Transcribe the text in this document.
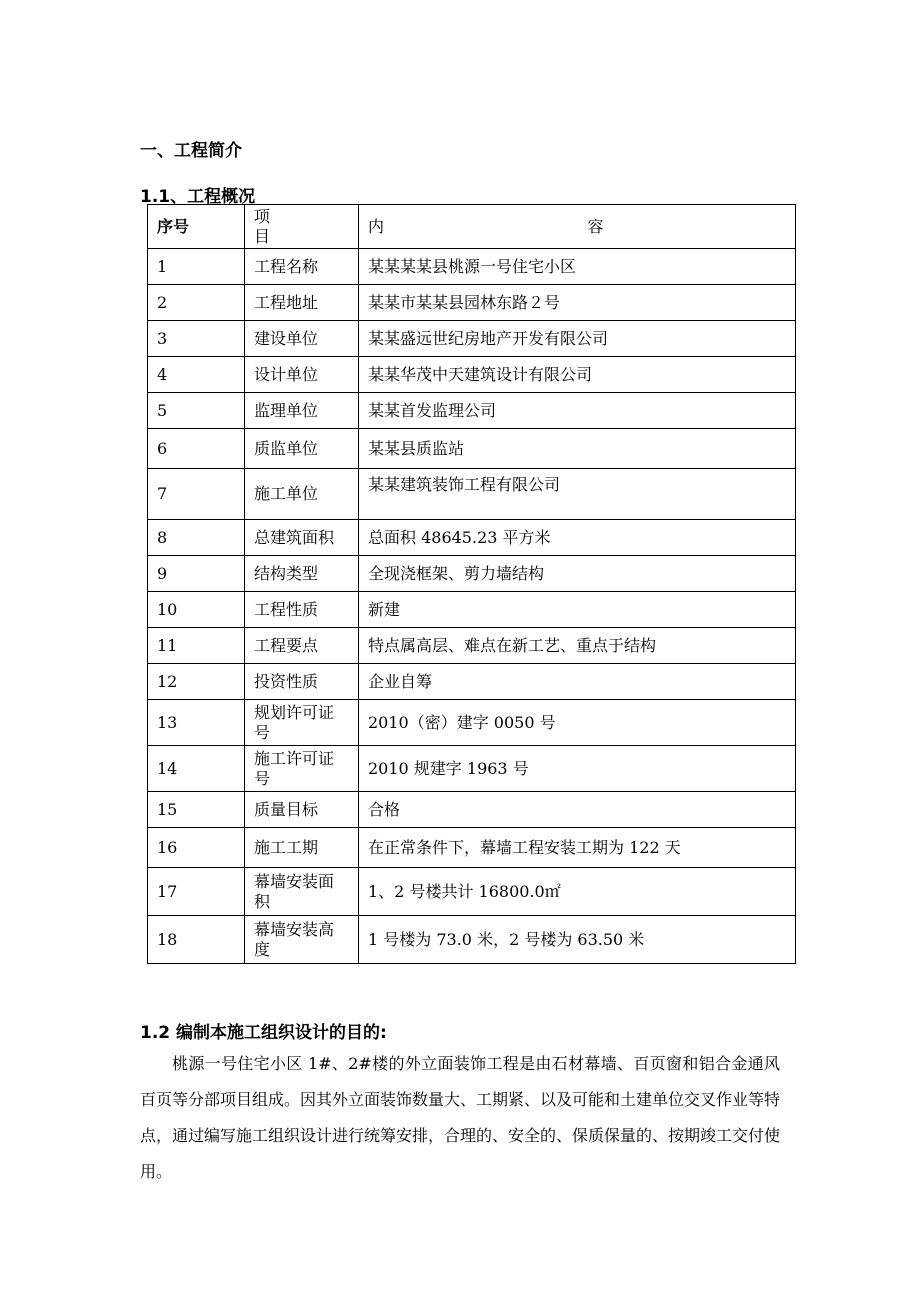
一、工程简介
1.1、工程概况
序号	项 目	内 容
1	工程名称	某某某某县桃源一号住宅小区
2	工程地址	某某市某某县园林东路２号
3	建设单位	某某盛远世纪房地产开发有限公司
4	设计单位	某某华茂中天建筑设计有限公司
5	监理单位	某某首发监理公司
6	质监单位	某某县质监站
7	施工单位	某某建筑装饰工程有限公司
8	总建筑面积	总面积 48645.23 平方米
9	结构类型	全现浇框架、剪力墙结构
10	工程性质	新建
11	工程要点	特点属高层、难点在新工艺、重点于结构
12	投资性质	企业自筹
13	规划许可证号	2010（密）建字 0050 号
14	施工许可证号	2010 规建字 1963 号
15	质量目标	合格
16	施工工期	在正常条件下，幕墙工程安装工期为 122 天
17	幕墙安装面积	1、2 号楼共计 16800.0㎡
18	幕墙安装高度	1 号楼为 73.0 米，2 号楼为 63.50 米
1.2 编制本施工组织设计的目的:

桃源一号住宅小区 1#、2#楼的外立面装饰工程是由石材幕墙、百页窗和铝合金通风百页等分部项目组成。因其外立面装饰数量大、工期紧、以及可能和土建单位交叉作业等特点，通过编写施工组织设计进行统筹安排，合理的、安全的、保质保量的、按期竣工交付使用。
